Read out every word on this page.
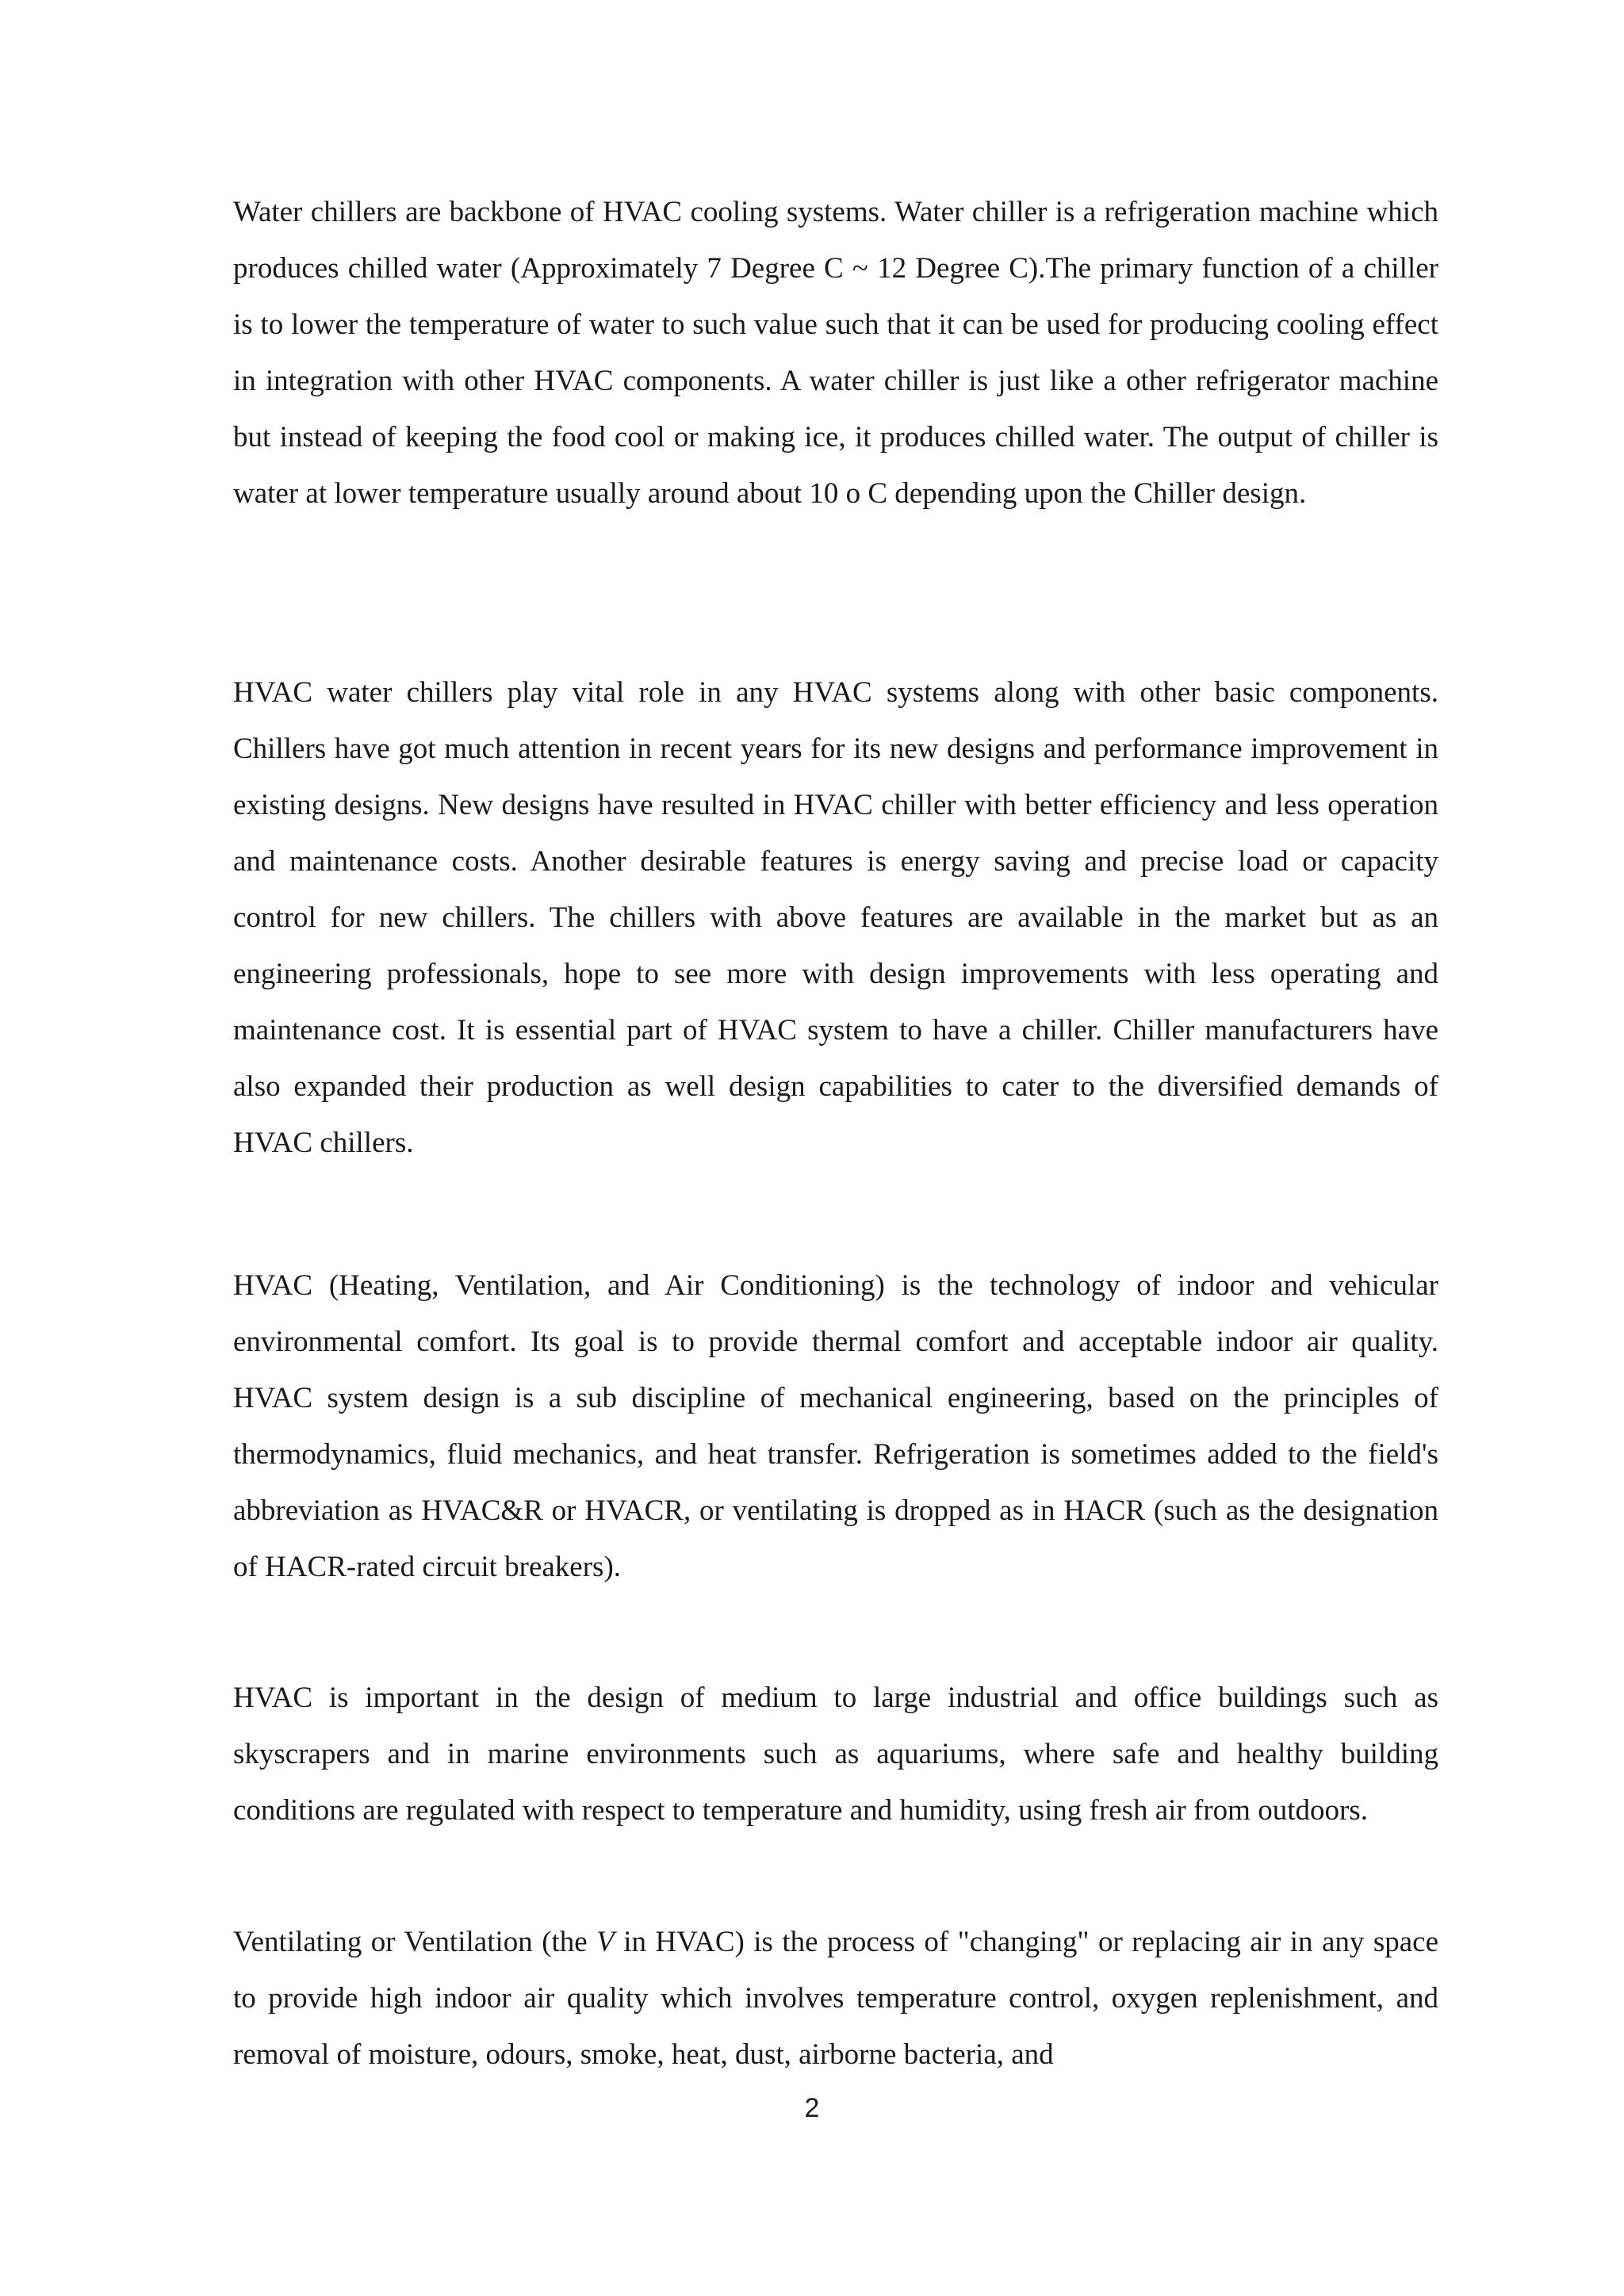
Water chillers are backbone of HVAC cooling systems. Water chiller is a refrigeration machine which produces chilled water (Approximately 7 Degree C ~ 12 Degree C).The primary function of a chiller is to lower the temperature of water to such value such that it can be used for producing cooling effect in integration with other HVAC components. A water chiller is just like a other refrigerator machine but instead of keeping the food cool or making ice, it produces chilled water. The output of chiller is water at lower temperature usually around about 10 o C depending upon the Chiller design.

HVAC water chillers play vital role in any HVAC systems along with other basic components. Chillers have got much attention in recent years for its new designs and performance improvement in existing designs. New designs have resulted in HVAC chiller with better efficiency and less operation and maintenance costs. Another desirable features is energy saving and precise load or capacity control for new chillers. The chillers with above features are available in the market but as an engineering professionals, hope to see more with design improvements with less operating and maintenance cost. It is essential part of HVAC system to have a chiller. Chiller manufacturers have also expanded their production as well design capabilities to cater to the diversified demands of HVAC chillers.

HVAC (Heating, Ventilation, and Air Conditioning) is the technology of indoor and vehicular environmental comfort. Its goal is to provide thermal comfort and acceptable indoor air quality. HVAC system design is a sub discipline of mechanical engineering, based on the principles of thermodynamics, fluid mechanics, and heat transfer. Refrigeration is sometimes added to the field's abbreviation as HVAC&R or HVACR, or ventilating is dropped as in HACR (such as the designation of HACR-rated circuit breakers).

HVAC is important in the design of medium to large industrial and office buildings such as skyscrapers and in marine environments such as aquariums, where safe and healthy building conditions are regulated with respect to temperature and humidity, using fresh air from outdoors.

Ventilating or Ventilation (the V in HVAC) is the process of "changing" or replacing air in any space to provide high indoor air quality which involves temperature control, oxygen replenishment, and removal of moisture, odours, smoke, heat, dust, airborne bacteria, and

2
